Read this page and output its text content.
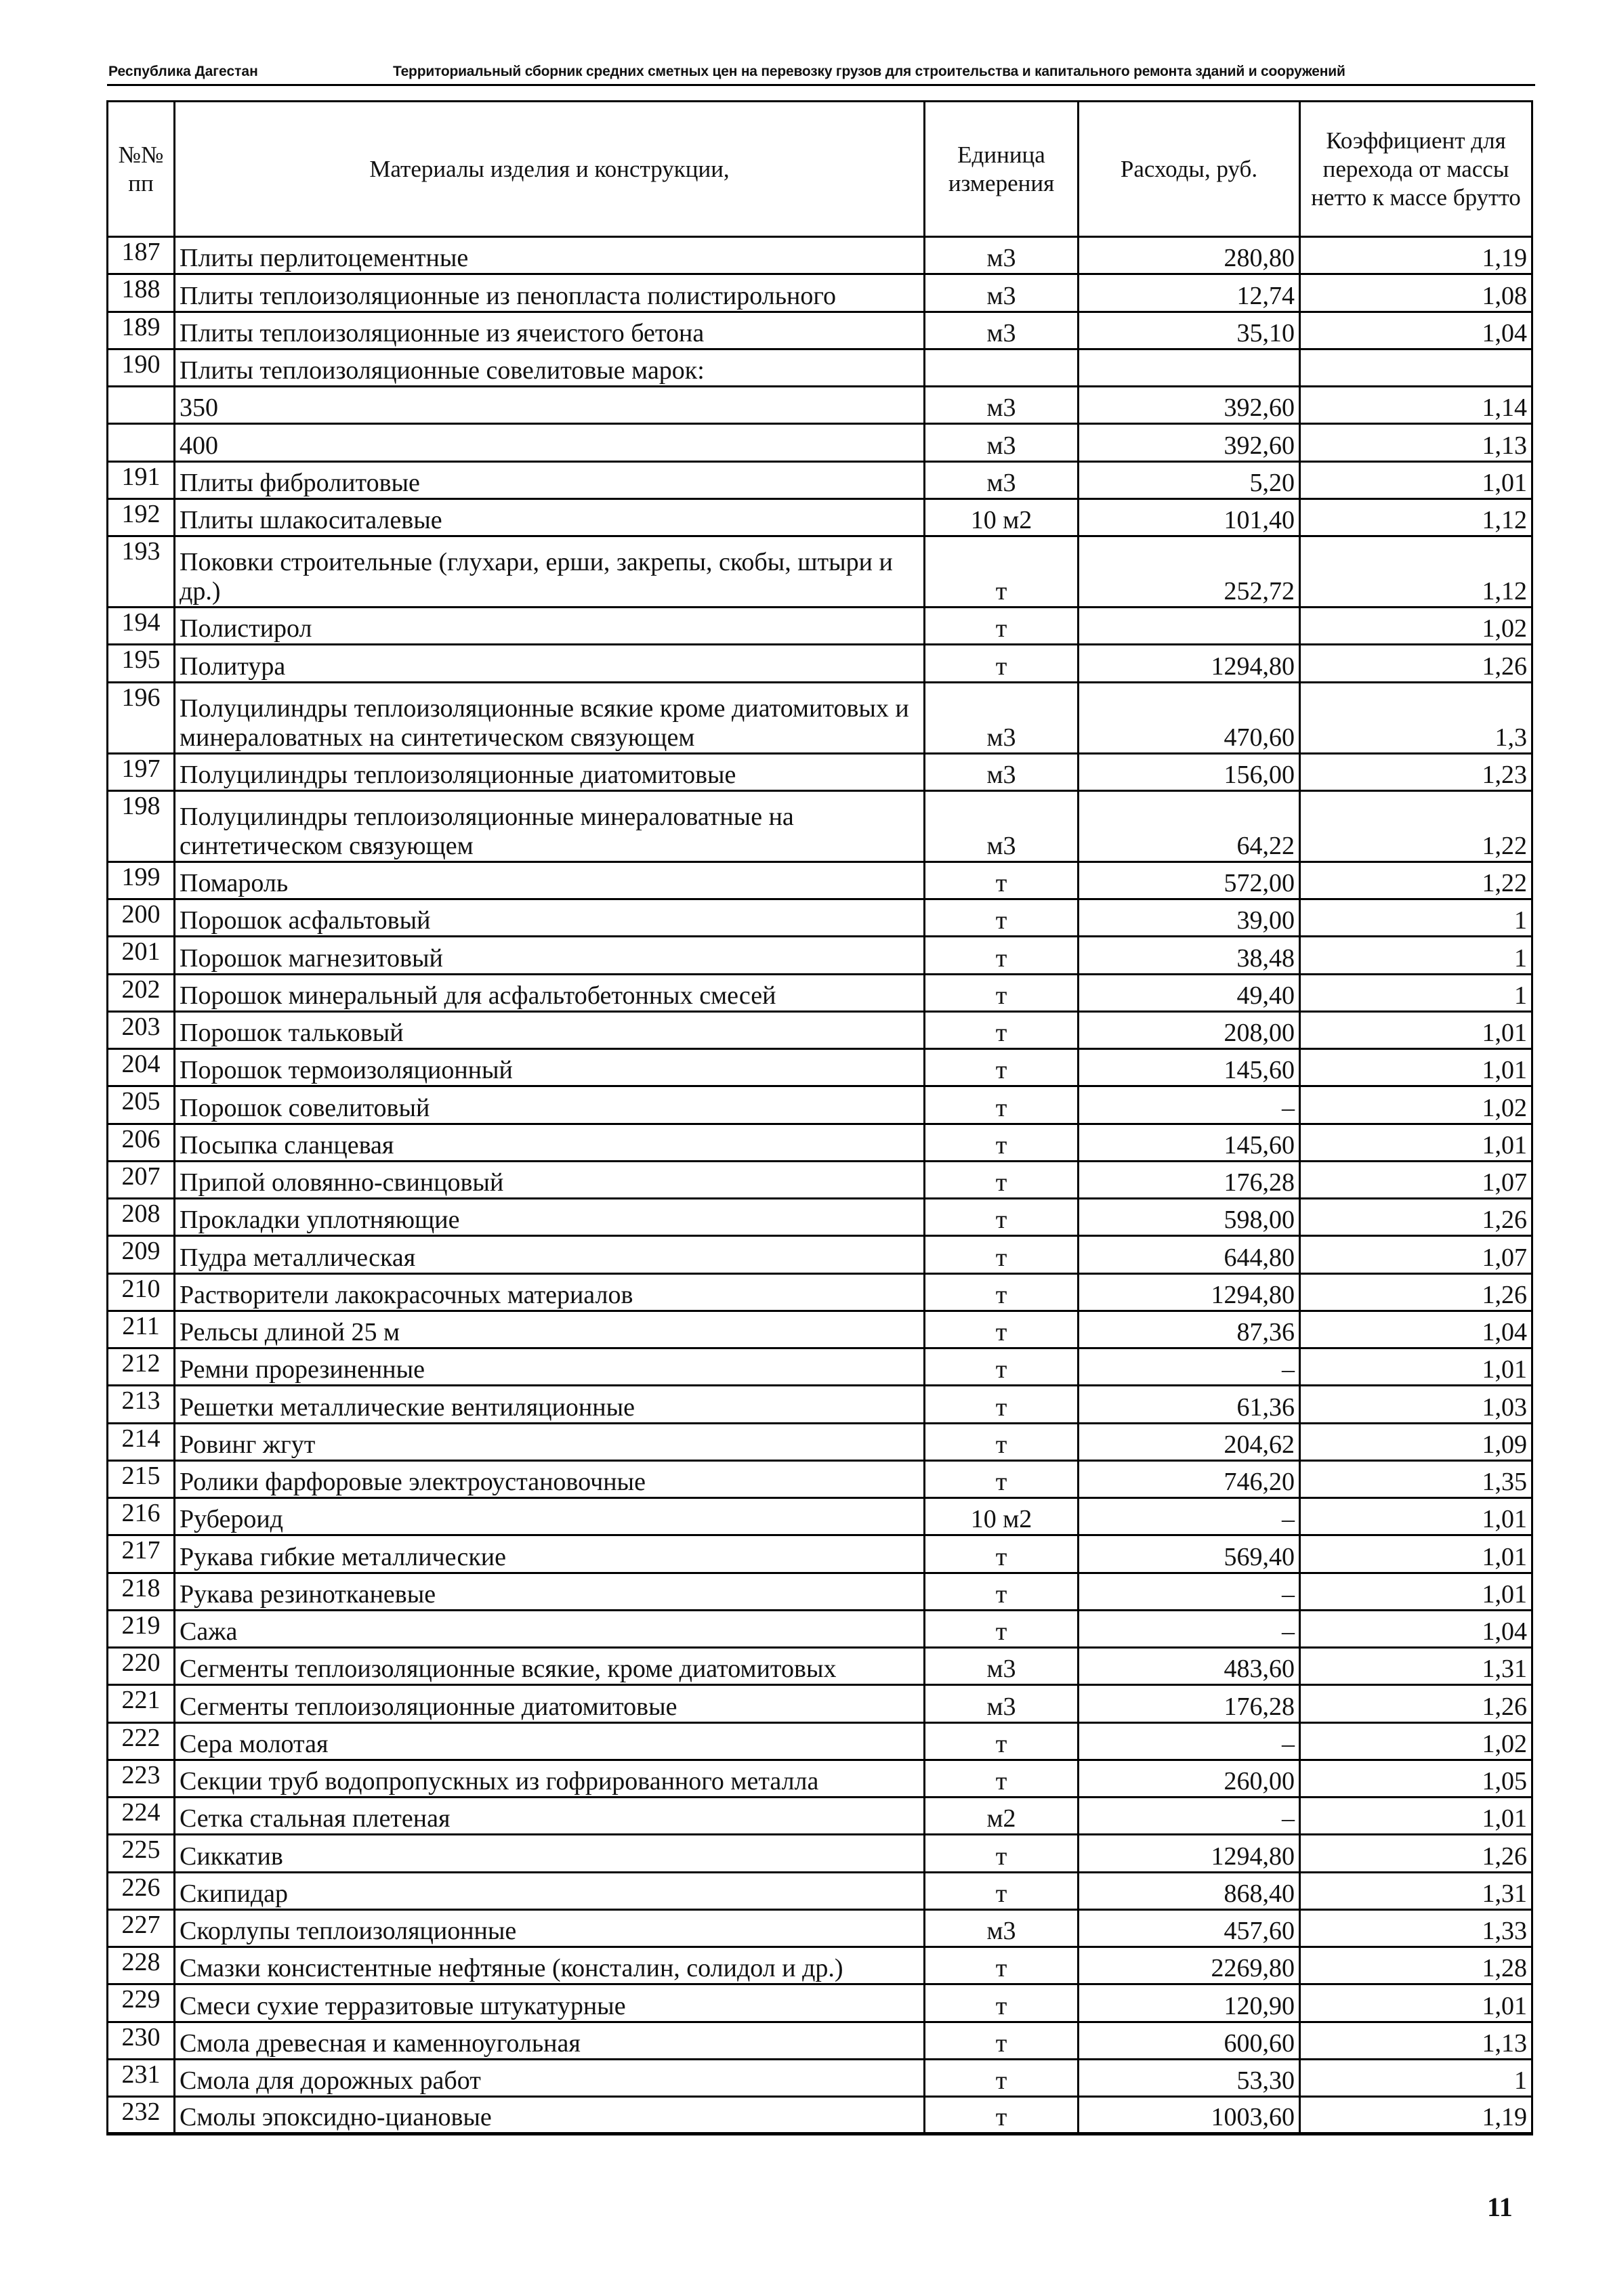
Республика Дагестан	Территориальный сборник средних сметных цен на перевозку грузов для строительства и капитального ремонта зданий и сооружений
№№ пп	Материалы изделия и конструкции,	Единица измерения	Расходы, руб.	Коэффициент для перехода от массы нетто к массе брутто
187	Плиты перлитоцементные	м3	280,80	1,19
188	Плиты теплоизоляционные из пенопласта полистирольного	м3	12,74	1,08
189	Плиты теплоизоляционные из ячеистого бетона	м3	35,10	1,04
190	Плиты теплоизоляционные совелитовые марок:			
	350	м3	392,60	1,14
	400	м3	392,60	1,13
191	Плиты фибролитовые	м3	5,20	1,01
192	Плиты шлакоситалевые	10 м2	101,40	1,12
193	Поковки строительные (глухари, ерши, закрепы, скобы, штыри и др.)	т	252,72	1,12
194	Полистирол	т		1,02
195	Политура	т	1294,80	1,26
196	Полуцилиндры теплоизоляционные всякие кроме диатомитовых и минераловатных на синтетическом связующем	м3	470,60	1,3
197	Полуцилиндры теплоизоляционные диатомитовые	м3	156,00	1,23
198	Полуцилиндры теплоизоляционные минераловатные на синтетическом связующем	м3	64,22	1,22
199	Помароль	т	572,00	1,22
200	Порошок асфальтовый	т	39,00	1
201	Порошок магнезитовый	т	38,48	1
202	Порошок минеральный для асфальтобетонных смесей	т	49,40	1
203	Порошок тальковый	т	208,00	1,01
204	Порошок термоизоляционный	т	145,60	1,01
205	Порошок совелитовый	т	–	1,02
206	Посыпка сланцевая	т	145,60	1,01
207	Припой оловянно-свинцовый	т	176,28	1,07
208	Прокладки уплотняющие	т	598,00	1,26
209	Пудра металлическая	т	644,80	1,07
210	Растворители лакокрасочных материалов	т	1294,80	1,26
211	Рельсы длиной 25 м	т	87,36	1,04
212	Ремни прорезиненные	т	–	1,01
213	Решетки металлические вентиляционные	т	61,36	1,03
214	Ровинг жгут	т	204,62	1,09
215	Ролики фарфоровые электроустановочные	т	746,20	1,35
216	Рубероид	10 м2	–	1,01
217	Рукава гибкие металлические	т	569,40	1,01
218	Рукава резинотканевые	т	–	1,01
219	Сажа	т	–	1,04
220	Сегменты теплоизоляционные всякие, кроме диатомитовых	м3	483,60	1,31
221	Сегменты теплоизоляционные диатомитовые	м3	176,28	1,26
222	Сера молотая	т	–	1,02
223	Секции труб водопропускных из гофрированного металла	т	260,00	1,05
224	Сетка стальная плетеная	м2	–	1,01
225	Сиккатив	т	1294,80	1,26
226	Скипидар	т	868,40	1,31
227	Скорлупы теплоизоляционные	м3	457,60	1,33
228	Смазки консистентные нефтяные (консталин, солидол и др.)	т	2269,80	1,28
229	Смеси сухие терразитовые штукатурные	т	120,90	1,01
230	Смола древесная и каменноугольная	т	600,60	1,13
231	Смола для дорожных работ	т	53,30	1
232	Смолы эпоксидно-циановые	т	1003,60	1,19
11
